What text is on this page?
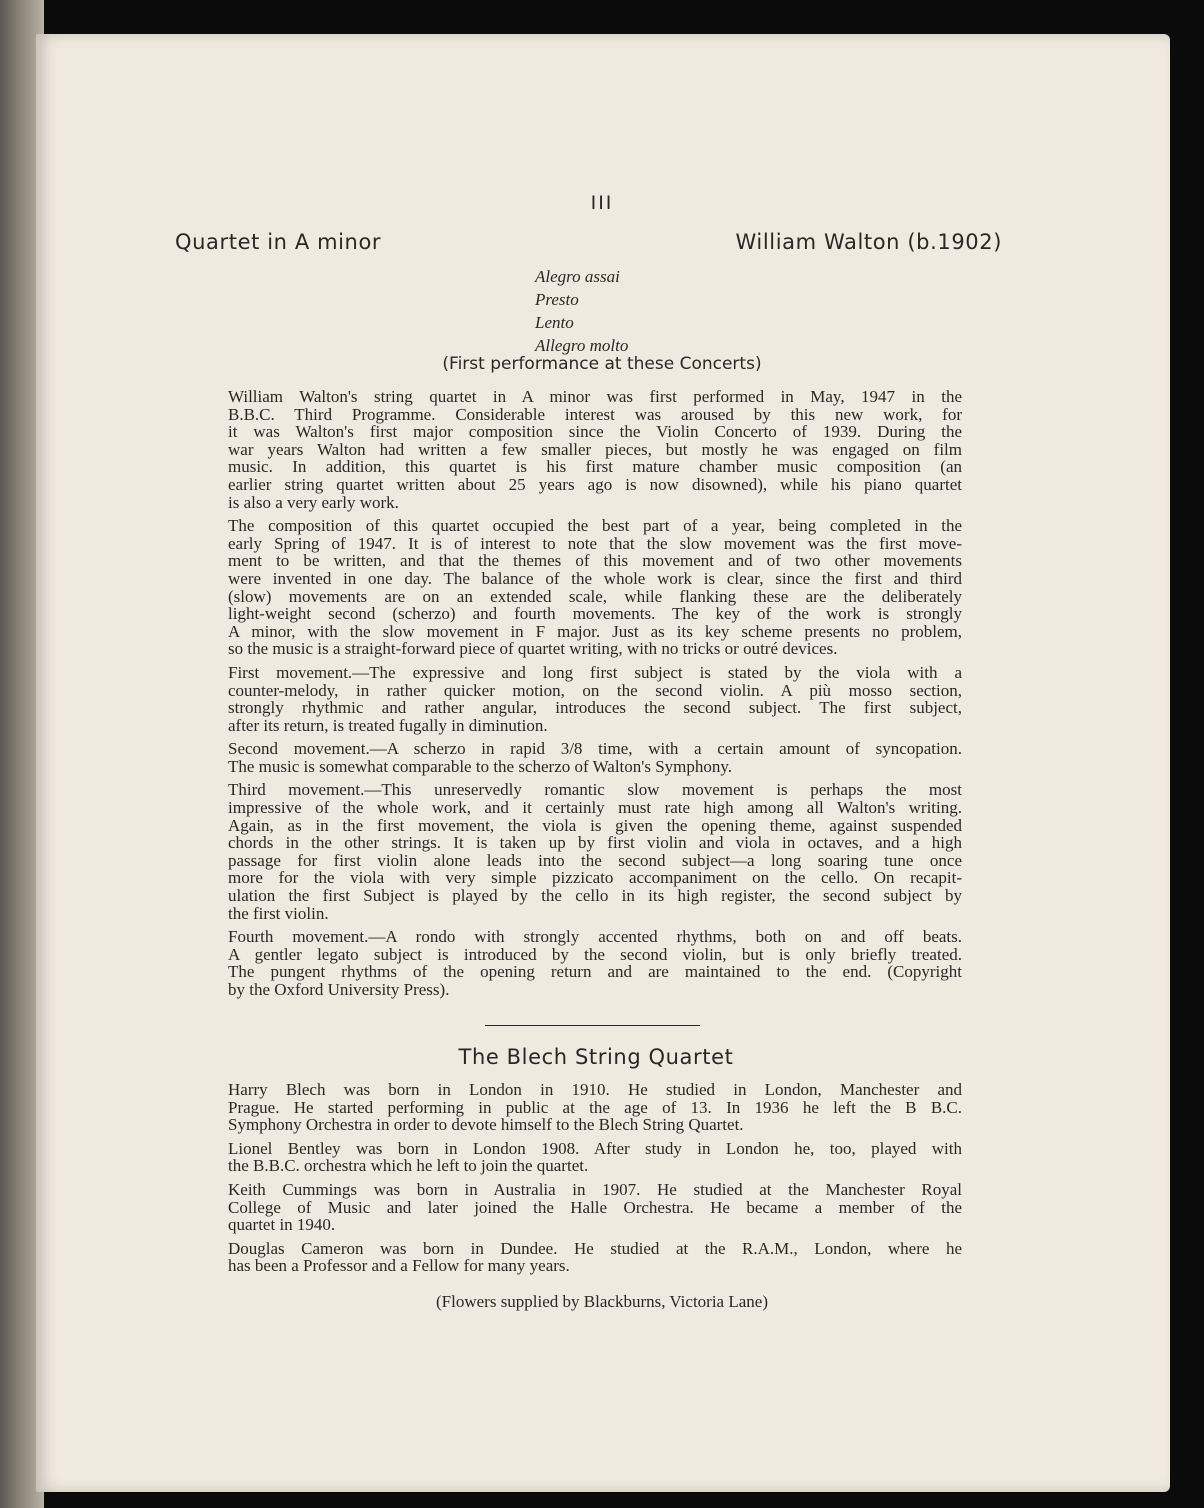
III
Quartet in A minor	William Walton (b.1902)
Alegro assai
Presto
Lento
Allegro molto
(First performance at these Concerts)
William Walton's string quartet in A minor was first performed in May, 1947 in the
B.B.C. Third Programme. Considerable interest was aroused by this new work, for
it was Walton's first major composition since the Violin Concerto of 1939. During the
war years Walton had written a few smaller pieces, but mostly he was engaged on film
music. In addition, this quartet is his first mature chamber music composition (an
earlier string quartet written about 25 years ago is now disowned), while his piano quartet
is also a very early work.
The composition of this quartet occupied the best part of a year, being completed in the
early Spring of 1947. It is of interest to note that the slow movement was the first move-
ment to be written, and that the themes of this movement and of two other movements
were invented in one day. The balance of the whole work is clear, since the first and third
(slow) movements are on an extended scale, while flanking these are the deliberately
light-weight second (scherzo) and fourth movements. The key of the work is strongly
A minor, with the slow movement in F major. Just as its key scheme presents no problem,
so the music is a straight-forward piece of quartet writing, with no tricks or outré devices.
First movement.—The expressive and long first subject is stated by the viola with a
counter-melody, in rather quicker motion, on the second violin. A più mosso section,
strongly rhythmic and rather angular, introduces the second subject. The first subject,
after its return, is treated fugally in diminution.
Second movement.—A scherzo in rapid 3/8 time, with a certain amount of syncopation.
The music is somewhat comparable to the scherzo of Walton's Symphony.
Third movement.—This unreservedly romantic slow movement is perhaps the most
impressive of the whole work, and it certainly must rate high among all Walton's writing.
Again, as in the first movement, the viola is given the opening theme, against suspended
chords in the other strings. It is taken up by first violin and viola in octaves, and a high
passage for first violin alone leads into the second subject—a long soaring tune once
more for the viola with very simple pizzicato accompaniment on the cello. On recapit-
ulation the first Subject is played by the cello in its high register, the second subject by
the first violin.
Fourth movement.—A rondo with strongly accented rhythms, both on and off beats.
A gentler legato subject is introduced by the second violin, but is only briefly treated.
The pungent rhythms of the opening return and are maintained to the end. (Copyright
by the Oxford University Press).
The Blech String Quartet
Harry Blech was born in London in 1910. He studied in London, Manchester and
Prague. He started performing in public at the age of 13. In 1936 he left the B B.C.
Symphony Orchestra in order to devote himself to the Blech String Quartet.
Lionel Bentley was born in London 1908. After study in London he, too, played with
the B.B.C. orchestra which he left to join the quartet.
Keith Cummings was born in Australia in 1907. He studied at the Manchester Royal
College of Music and later joined the Halle Orchestra. He became a member of the
quartet in 1940.
Douglas Cameron was born in Dundee. He studied at the R.A.M., London, where he
has been a Professor and a Fellow for many years.
(Flowers supplied by Blackburns, Victoria Lane)
